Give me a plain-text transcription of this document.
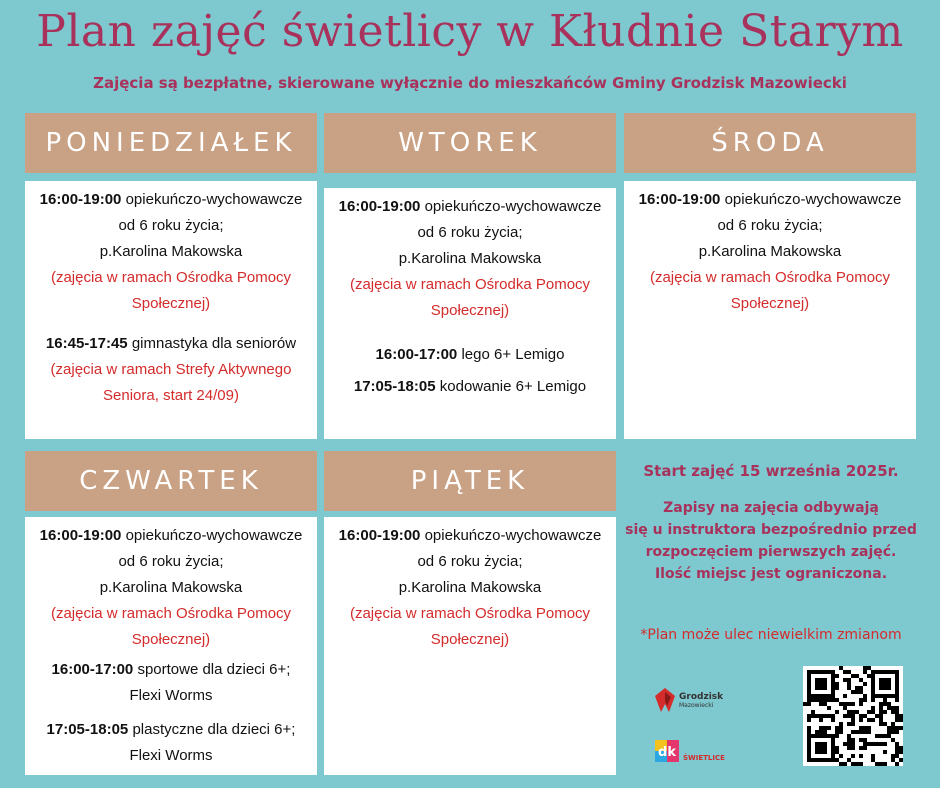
Plan zajęć świetlicy w Kłudnie Starym
Zajęcia są bezpłatne, skierowane wyłącznie do mieszkańców Gminy Grodzisk Mazowiecki
PONIEDZIAŁEK	WTOREK	ŚRODA
16:00-19:00 opiekuńczo-wychowawcze
od 6 roku życia;
p.Karolina Makowska
(zajęcia w ramach Ośrodka Pomocy Społecznej)
16:45-17:45 gimnastyka dla seniorów
(zajęcia w ramach Strefy Aktywnego Seniora, start 24/09)
16:00-19:00 opiekuńczo-wychowawcze
od 6 roku życia;
p.Karolina Makowska
(zajęcia w ramach Ośrodka Pomocy Społecznej)
16:00-17:00 lego 6+ Lemigo
17:05-18:05 kodowanie 6+ Lemigo
16:00-19:00 opiekuńczo-wychowawcze
od 6 roku życia;
p.Karolina Makowska
(zajęcia w ramach Ośrodka Pomocy Społecznej)
CZWARTEK	PIĄTEK
16:00-19:00 opiekuńczo-wychowawcze
od 6 roku życia;
p.Karolina Makowska
(zajęcia w ramach Ośrodka Pomocy Społecznej)
16:00-17:00 sportowe dla dzieci 6+;
Flexi Worms
17:05-18:05 plastyczne dla dzieci 6+;
Flexi Worms
16:00-19:00 opiekuńczo-wychowawcze
od 6 roku życia;
p.Karolina Makowska
(zajęcia w ramach Ośrodka Pomocy Społecznej)
Start zajęć 15 września 2025r.
Zapisy na zajęcia odbywają
się u instruktora bezpośrednio przed
rozpoczęciem pierwszych zajęć.
Ilość miejsc jest ograniczona.
*Plan może ulec niewielkim zmianom
Grodzisk
Mazowiecki
dk ŚWIETLICE
